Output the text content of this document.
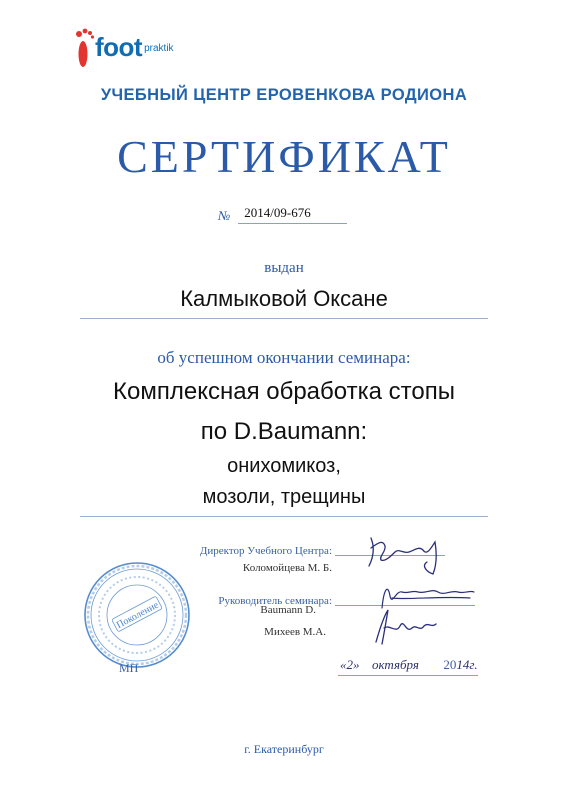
foot praktik
УЧЕБНЫЙ ЦЕНТР ЕРОВЕНКОВА РОДИОНА
СЕРТИФИКАТ
№	2014/09-676
выдан
Калмыковой Оксане
об успешном окончании семинара:
Комплексная обработка стопы
по D.Baumann:
онихомикоз,
мозоли, трещины
Директор Учебного Центра:
Коломойцева М. Б.
Руководитель семинара:
Baumann D.
Михеев М.А.
Поколение
МП	«2» октября 2014г.
г. Екатеринбург
